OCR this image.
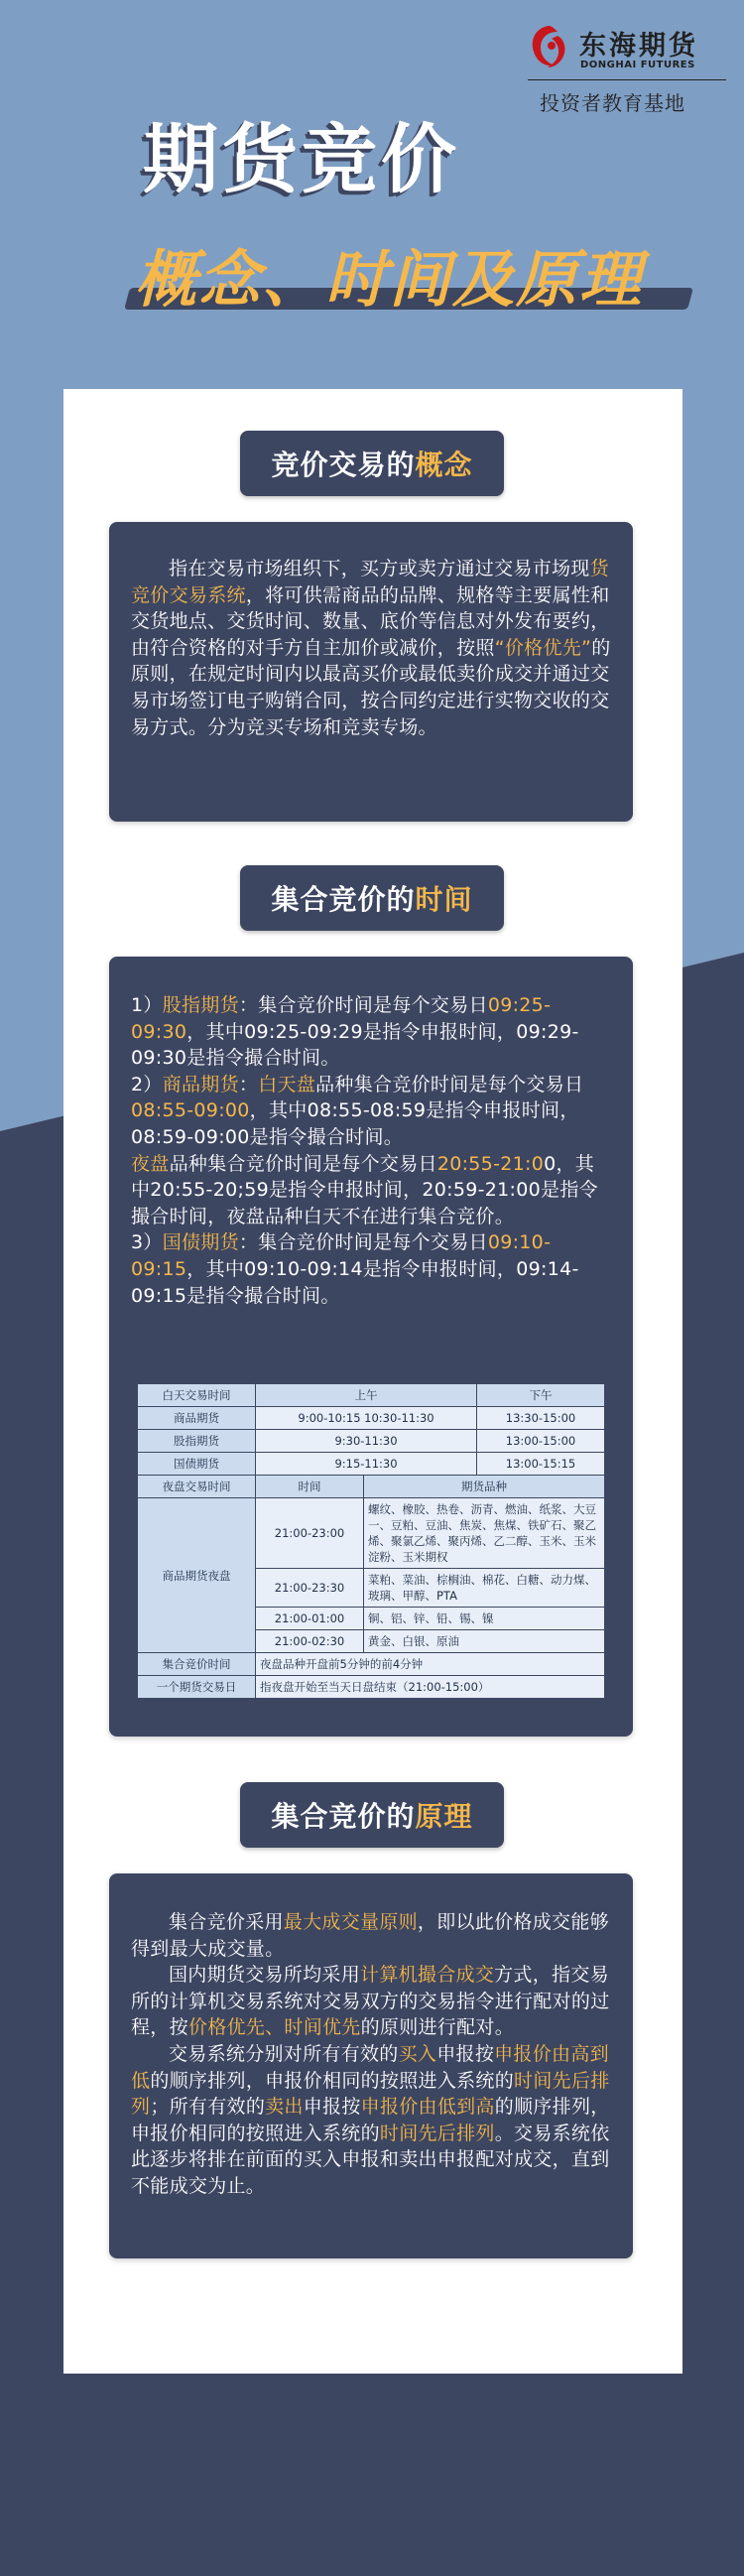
东海期货
DONGHAI FUTURES
投资者教育基地
期货竞价
概念、时间及原理
竞价交易的 概念
指在交易市场组织下，买方或卖方通过交易市场现货竞价交易系统，将可供需商品的品牌、规格等主要属性和交货地点、交货时间、数量、底价等信息对外发布要约，由符合资格的对手方自主加价或减价，按照“价格优先”的原则，在规定时间内以最高买价或最低卖价成交并通过交易市场签订电子购销合同，按合同约定进行实物交收的交易方式。分为竞买专场和竞卖专场。
集合竞价的 时间
1）股指期货：集合竞价时间是每个交易日09:25-09:30，其中09:25-09:29是指令申报时间，09:29-09:30是指令撮合时间。
2）商品期货：白天盘品种集合竞价时间是每个交易日08:55-09:00，其中08:55-08:59是指令申报时间，08:59-09:00是指令撮合时间。
夜盘品种集合竞价时间是每个交易日20:55-21:00，其中20:55-20;59是指令申报时间，20:59-21:00是指令撮合时间，夜盘品种白天不在进行集合竞价。
3）国债期货：集合竞价时间是每个交易日09:10-09:15，其中09:10-09:14是指令申报时间，09:14-09:15是指令撮合时间。
白天交易时间	上午		下午
商品期货	9:00-10:15 10:30-11:30		13:30-15:00
股指期货	9:30-11:30		13:00-15:00
国债期货	9:15-11:30		13:00-15:15
夜盘交易时间	时间	期货品种	
商品期货夜盘	21:00-23:00	螺纹、橡胶、热卷、沥青、燃油、纸浆、大豆一、豆粕、豆油、焦炭、焦煤、铁矿石、聚乙烯、聚氯乙烯、聚丙烯、乙二醇、玉米、玉米淀粉、玉米期权	
	21:00-23:30	菜粕、菜油、棕榈油、棉花、白糖、动力煤、玻璃、甲醇、PTA	
	21:00-01:00	铜、铝、锌、铅、锡、镍	
	21:00-02:30	黄金、白银、原油	
集合竞价时间	夜盘品种开盘前5分钟的前4分钟		
一个期货交易日	指夜盘开始至当天日盘结束（21:00-15:00）		
集合竞价的 原理
集合竞价采用最大成交量原则，即以此价格成交能够得到最大成交量。
国内期货交易所均采用计算机撮合成交方式，指交易所的计算机交易系统对交易双方的交易指令进行配对的过程，按价格优先、时间优先的原则进行配对。
交易系统分别对所有有效的买入申报按申报价由高到低的顺序排列，申报价相同的按照进入系统的时间先后排列；所有有效的卖出申报按申报价由低到高的顺序排列，申报价相同的按照进入系统的时间先后排列。交易系统依此逐步将排在前面的买入申报和卖出申报配对成交，直到不能成交为止。
